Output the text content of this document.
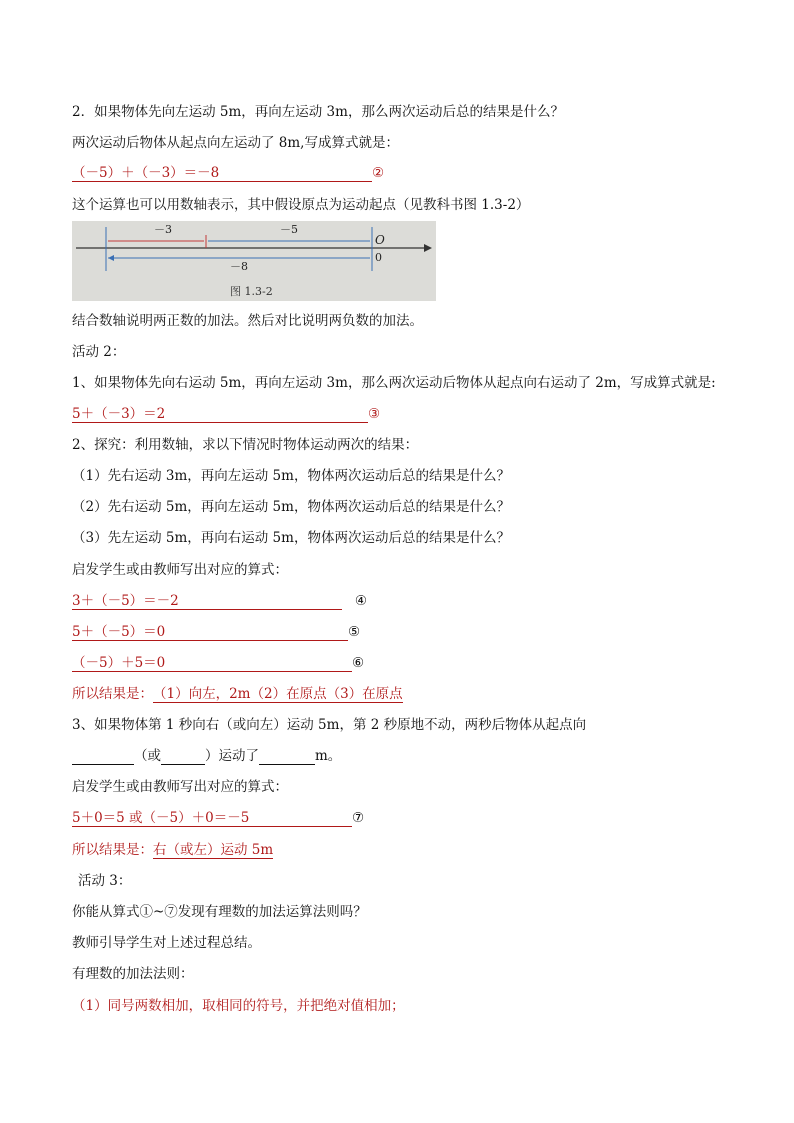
2．如果物体先向左运动 5m，再向左运动 3m，那么两次运动后总的结果是什么？
两次运动后物体从起点向左运动了 8m,写成算式就是：
（－5）＋（－3）＝－8	②
这个运算也可以用数轴表示，其中假设原点为运动起点（见教科书图 1.3-2）
－3	－5
－8
O
0
图 1.3-2
结合数轴说明两正数的加法。然后对比说明两负数的加法。
活动 2：
1、如果物体先向右运动 5m，再向左运动 3m，那么两次运动后物体从起点向右运动了 2m，写成算式就是:
5＋（－3）＝2	③
2、探究：利用数轴，求以下情况时物体运动两次的结果：
（1）先右运动 3m，再向左运动 5m，物体两次运动后总的结果是什么？
（2）先右运动 5m，再向左运动 5m，物体两次运动后总的结果是什么？
（3）先左运动 5m，再向右运动 5m，物体两次运动后总的结果是什么？
启发学生或由教师写出对应的算式：
3＋（－5）＝－2	④
5＋（－5）＝0	⑤
（－5）＋5＝0	⑥
所以结果是：（1）向左，2m（2）在原点（3）在原点
3、如果物体第 1 秒向右（或向左）运动 5m，第 2 秒原地不动，两秒后物体从起点向
（或	）运动了	m。
启发学生或由教师写出对应的算式：
5＋0＝5 或（－5）＋0＝－5	⑦
所以结果是：右（或左）运动 5m
活动 3：
你能从算式①~⑦发现有理数的加法运算法则吗？
教师引导学生对上述过程总结。
有理数的加法法则：
（1）同号两数相加，取相同的符号，并把绝对值相加；
